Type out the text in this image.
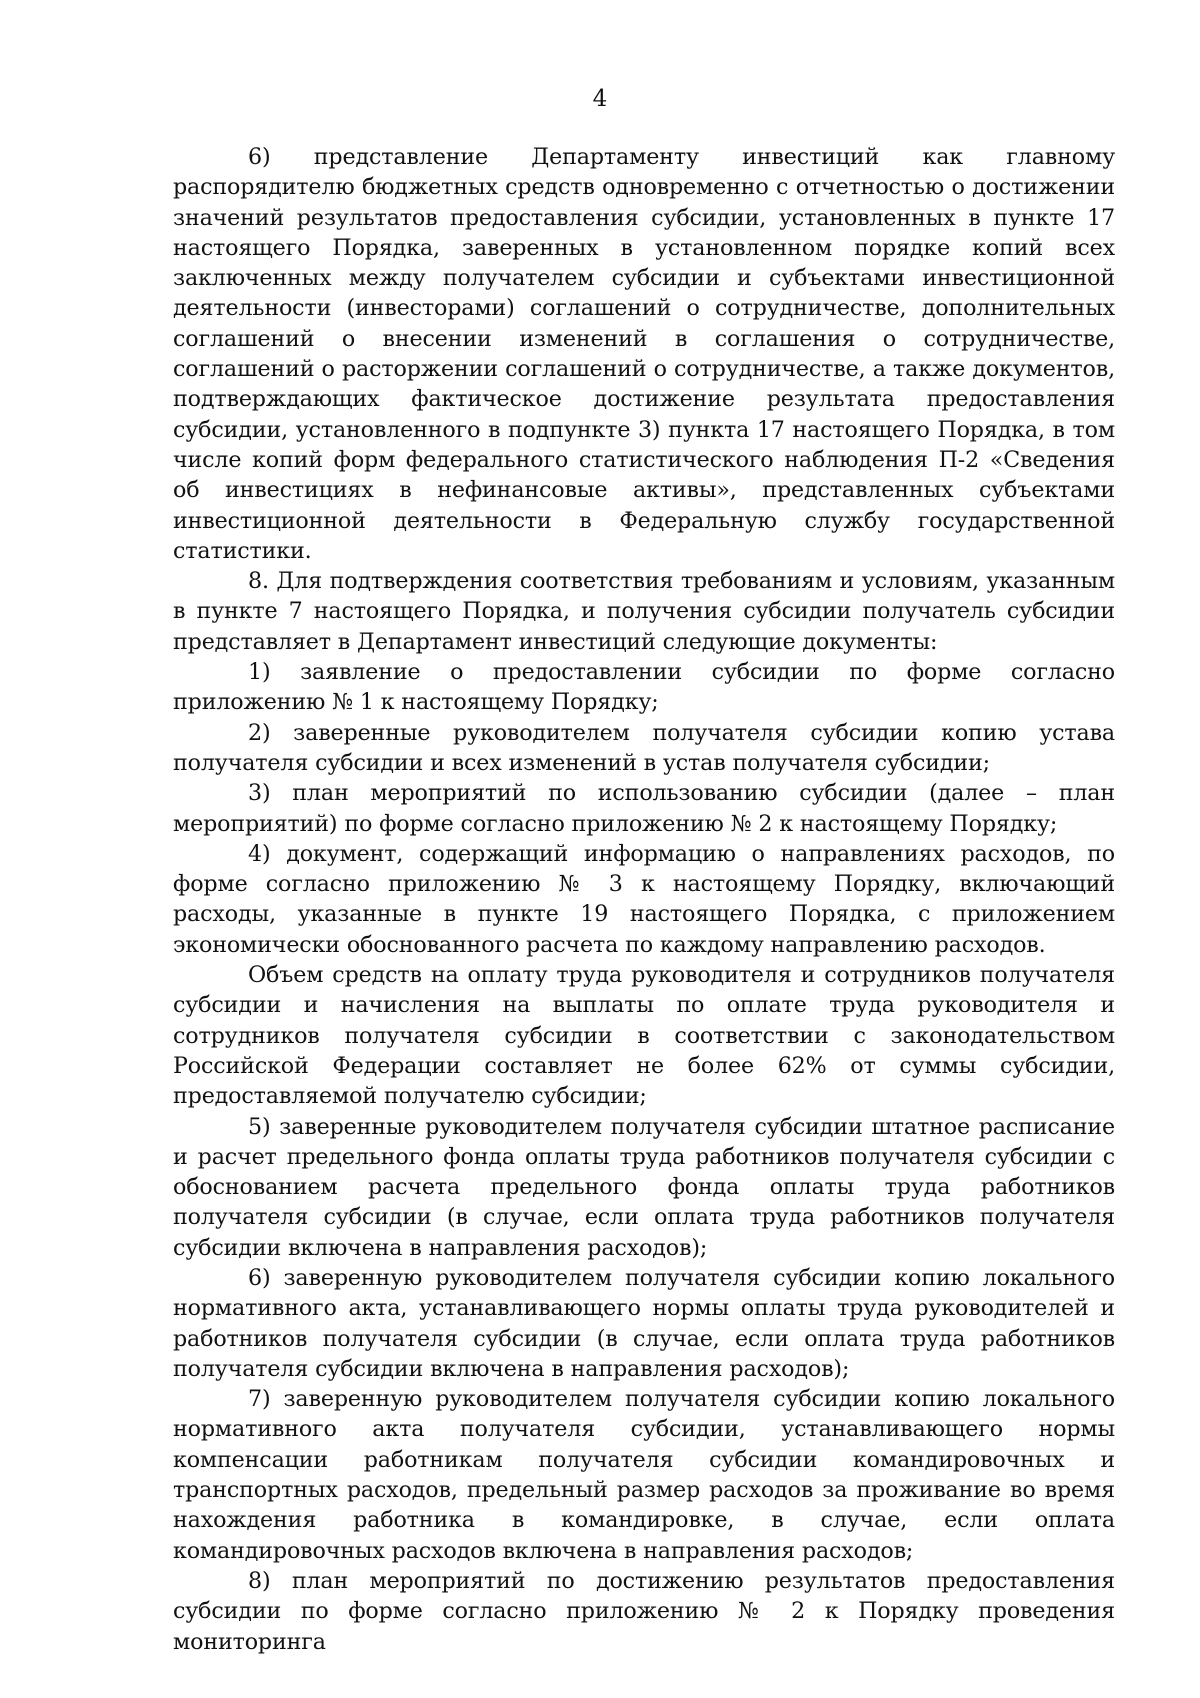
4

6) представление Департаменту инвестиций как главному распорядителю бюджетных средств одновременно с отчетностью о достижении значений результатов предоставления субсидии, установленных в пункте 17 настоящего Порядка, заверенных в установленном порядке копий всех заключенных между получателем субсидии и субъектами инвестиционной деятельности (инвесторами) соглашений о сотрудничестве, дополнительных соглашений о внесении изменений в соглашения о сотрудничестве, соглашений о расторжении соглашений о сотрудничестве, а также документов, подтверждающих фактическое достижение результата предоставления субсидии, установленного в подпункте 3) пункта 17 настоящего Порядка, в том числе копий форм федерального статистического наблюдения П-2 «Сведения об инвестициях в нефинансовые активы», представленных субъектами инвестиционной деятельности в Федеральную службу государственной статистики.

8. Для подтверждения соответствия требованиям и условиям, указанным в пункте 7 настоящего Порядка, и получения субсидии получатель субсидии представляет в Департамент инвестиций следующие документы:

1) заявление о предоставлении субсидии по форме согласно приложению № 1 к настоящему Порядку;

2) заверенные руководителем получателя субсидии копию устава получателя субсидии и всех изменений в устав получателя субсидии;

3) план мероприятий по использованию субсидии (далее – план мероприятий) по форме согласно приложению № 2 к настоящему Порядку;

4) документ, содержащий информацию о направлениях расходов, по форме согласно приложению № 3 к настоящему Порядку, включающий расходы, указанные в пункте 19 настоящего Порядка, с приложением экономически обоснованного расчета по каждому направлению расходов.

Объем средств на оплату труда руководителя и сотрудников получателя субсидии и начисления на выплаты по оплате труда руководителя и сотрудников получателя субсидии в соответствии с законодательством Российской Федерации составляет не более 62% от суммы субсидии, предоставляемой получателю субсидии;

5) заверенные руководителем получателя субсидии штатное расписание и расчет предельного фонда оплаты труда работников получателя субсидии с обоснованием расчета предельного фонда оплаты труда работников получателя субсидии (в случае, если оплата труда работников получателя субсидии включена в направления расходов);

6) заверенную руководителем получателя субсидии копию локального нормативного акта, устанавливающего нормы оплаты труда руководителей и работников получателя субсидии (в случае, если оплата труда работников получателя субсидии включена в направления расходов);

7) заверенную руководителем получателя субсидии копию локального нормативного акта получателя субсидии, устанавливающего нормы компенсации работникам получателя субсидии командировочных и транспортных расходов, предельный размер расходов за проживание во время нахождения работника в командировке, в случае, если оплата командировочных расходов включена в направления расходов;

8) план мероприятий по достижению результатов предоставления субсидии по форме согласно приложению № 2 к Порядку проведения мониторинга
